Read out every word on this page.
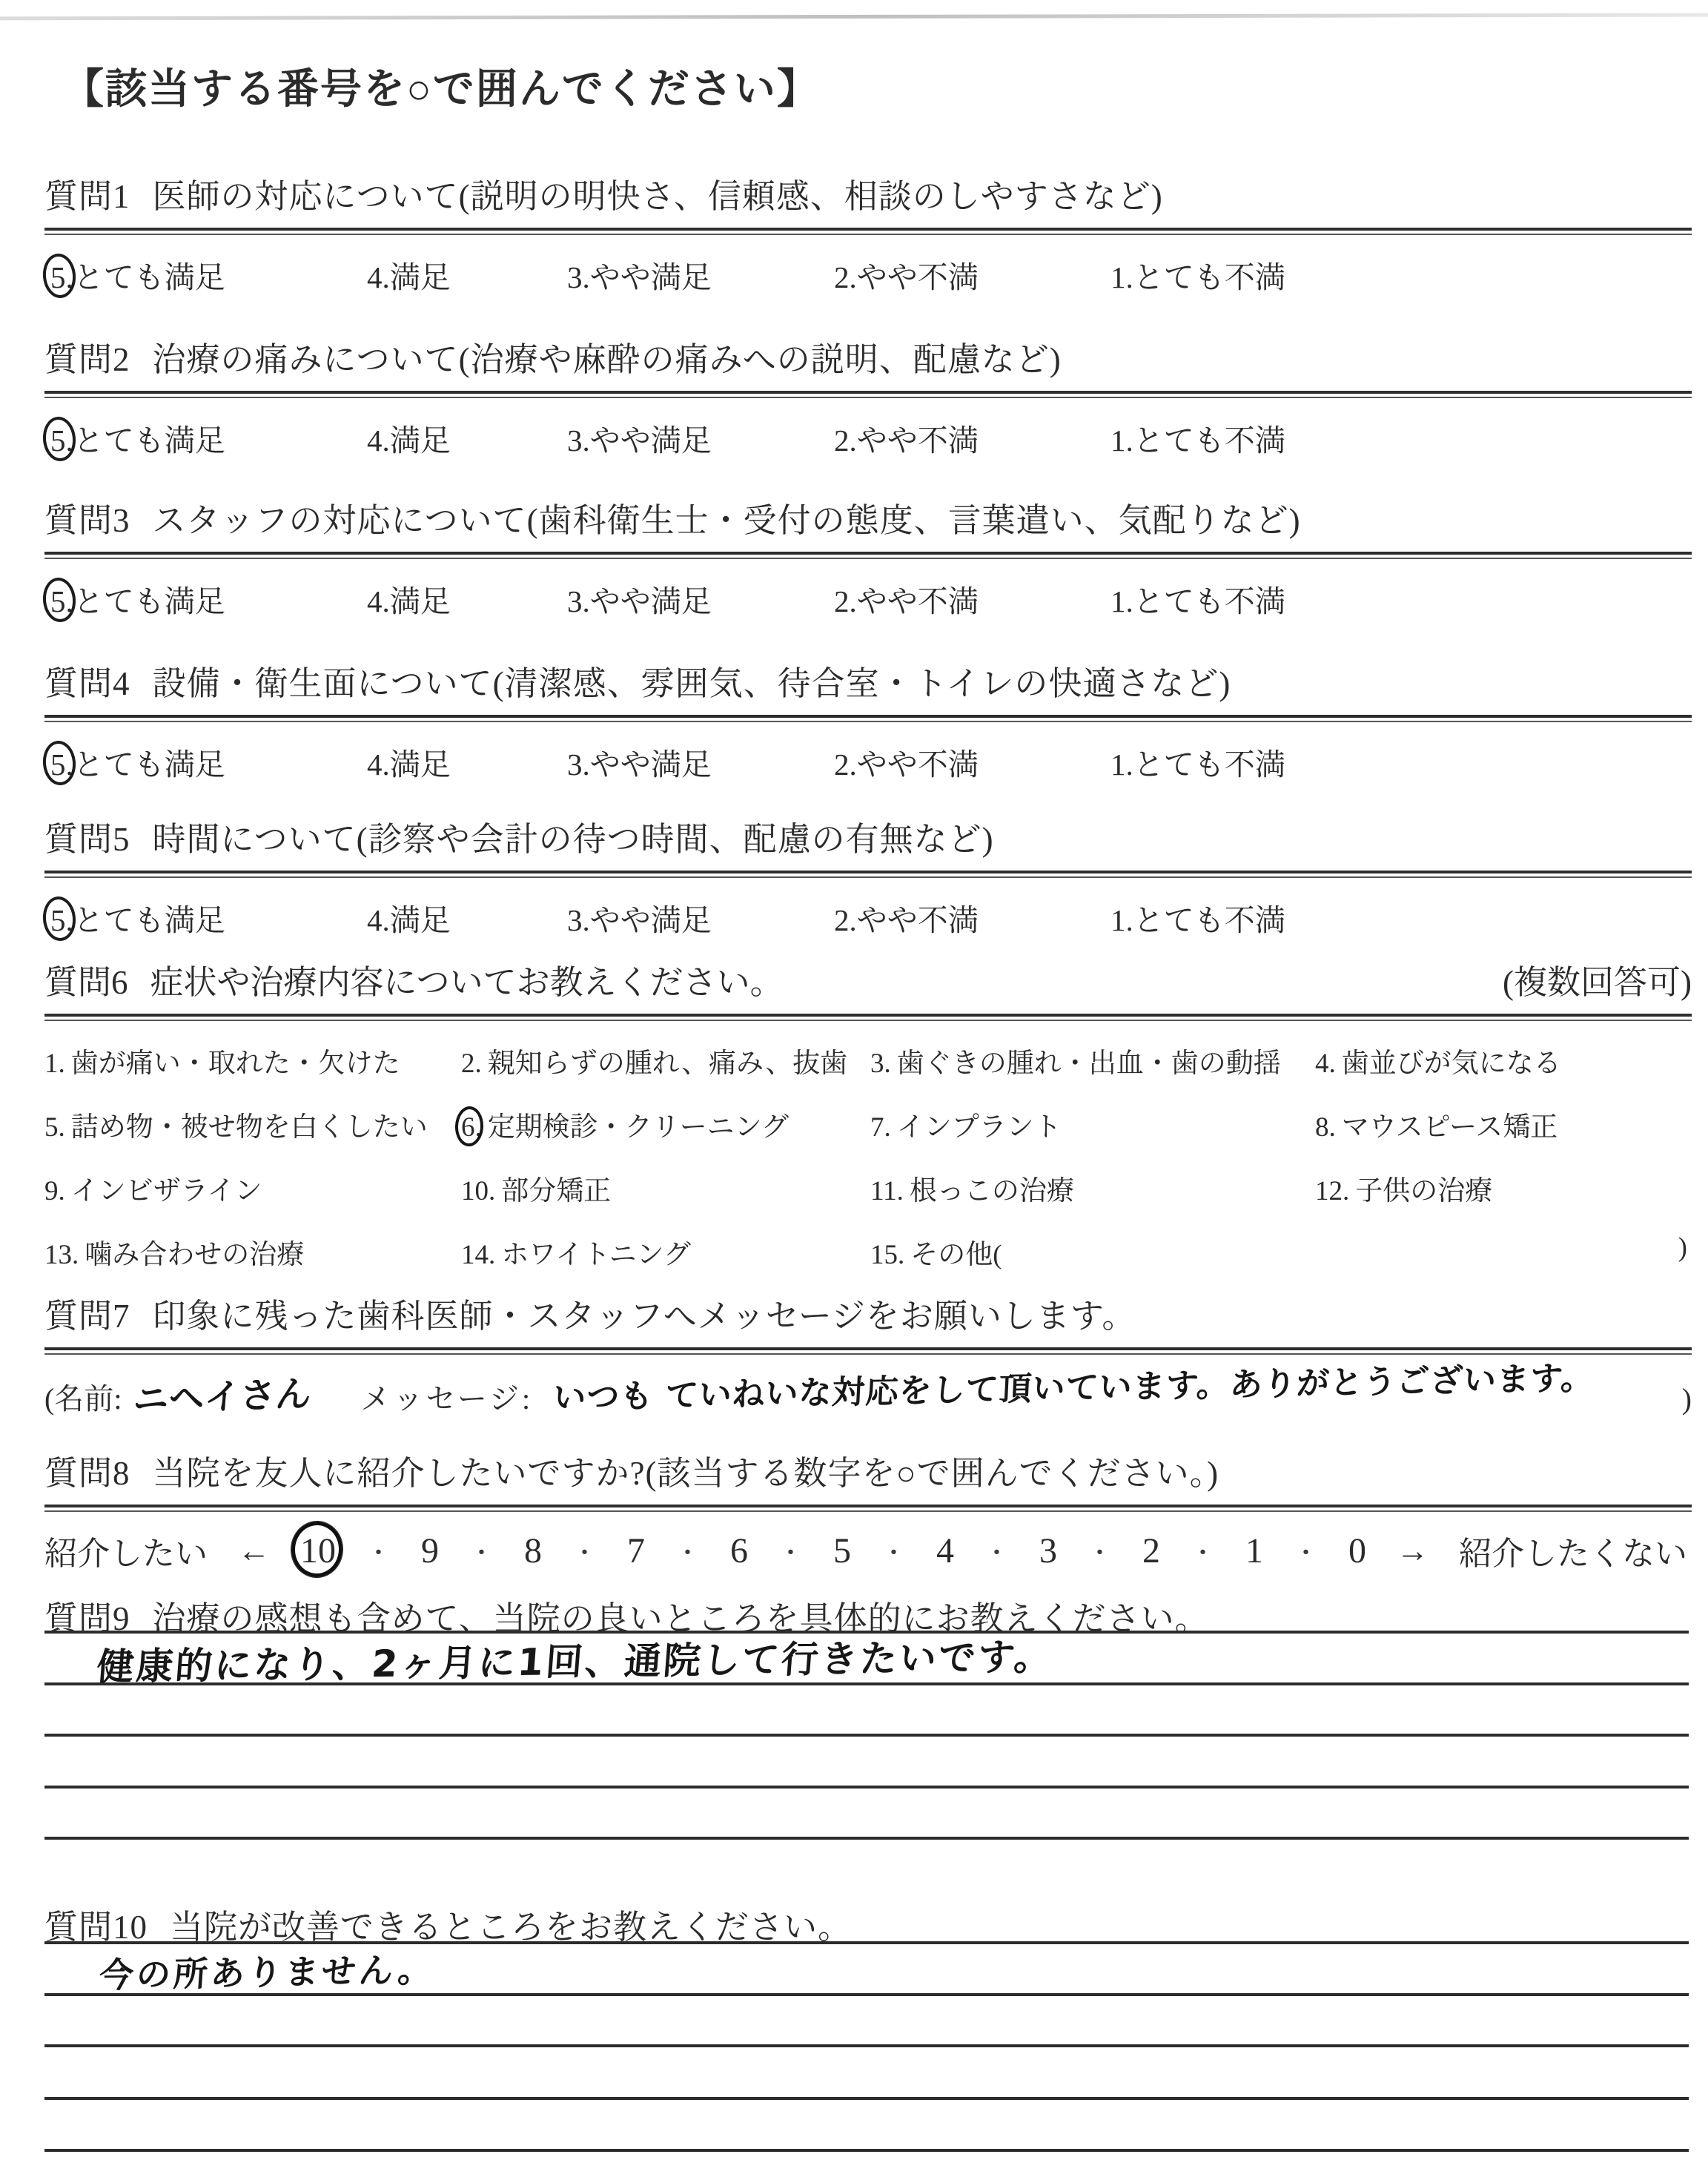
【該当する番号を○で囲んでください】
質問1 医師の対応について(説明の明快さ、信頼感、相談のしやすさなど)
5.とても満足	4.満足	3.やや満足	2.やや不満	1.とても不満
質問2 治療の痛みについて(治療や麻酔の痛みへの説明、配慮など)
5.とても満足	4.満足	3.やや満足	2.やや不満	1.とても不満
質問3 スタッフの対応について(歯科衛生士・受付の態度、言葉遣い、気配りなど)
5.とても満足	4.満足	3.やや満足	2.やや不満	1.とても不満
質問4 設備・衛生面について(清潔感、雰囲気、待合室・トイレの快適さなど)
5.とても満足	4.満足	3.やや満足	2.やや不満	1.とても不満
質問5 時間について(診察や会計の待つ時間、配慮の有無など)
5.とても満足	4.満足	3.やや満足	2.やや不満	1.とても不満
質問6 症状や治療内容についてお教えください。	(複数回答可)
1. 歯が痛い・取れた・欠けた	2. 親知らずの腫れ、痛み、抜歯 3. 歯ぐきの腫れ・出血・歯の動揺	4. 歯並びが気になる
5. 詰め物・被せ物を白くしたい	6. 定期検診・クリーニング	7. インプラント	8. マウスピース矯正
9. インビザライン	10. 部分矯正	11. 根っこの治療	12. 子供の治療
13. 噛み合わせの治療	14. ホワイトニング	15. その他(	)
質問7 印象に残った歯科医師・スタッフへメッセージをお願いします。
(名前: ニヘイさん メッセージ: いつも ていねいな対応をして頂いています。ありがとうございます。	)
質問8 当院を友人に紹介したいですか?(該当する数字を○で囲んでください。)
紹介したい ← 10 ・ 9 ・ 8 ・ 7 ・ 6 ・ 5 ・ 4 ・ 3 ・ 2 ・ 1 ・ 0 → 紹介したくない
質問9 治療の感想も含めて、当院の良いところを具体的にお教えください。
健康的になり、2ヶ月に1回、通院して行きたいです。
質問10 当院が改善できるところをお教えください。
今の所ありません。
